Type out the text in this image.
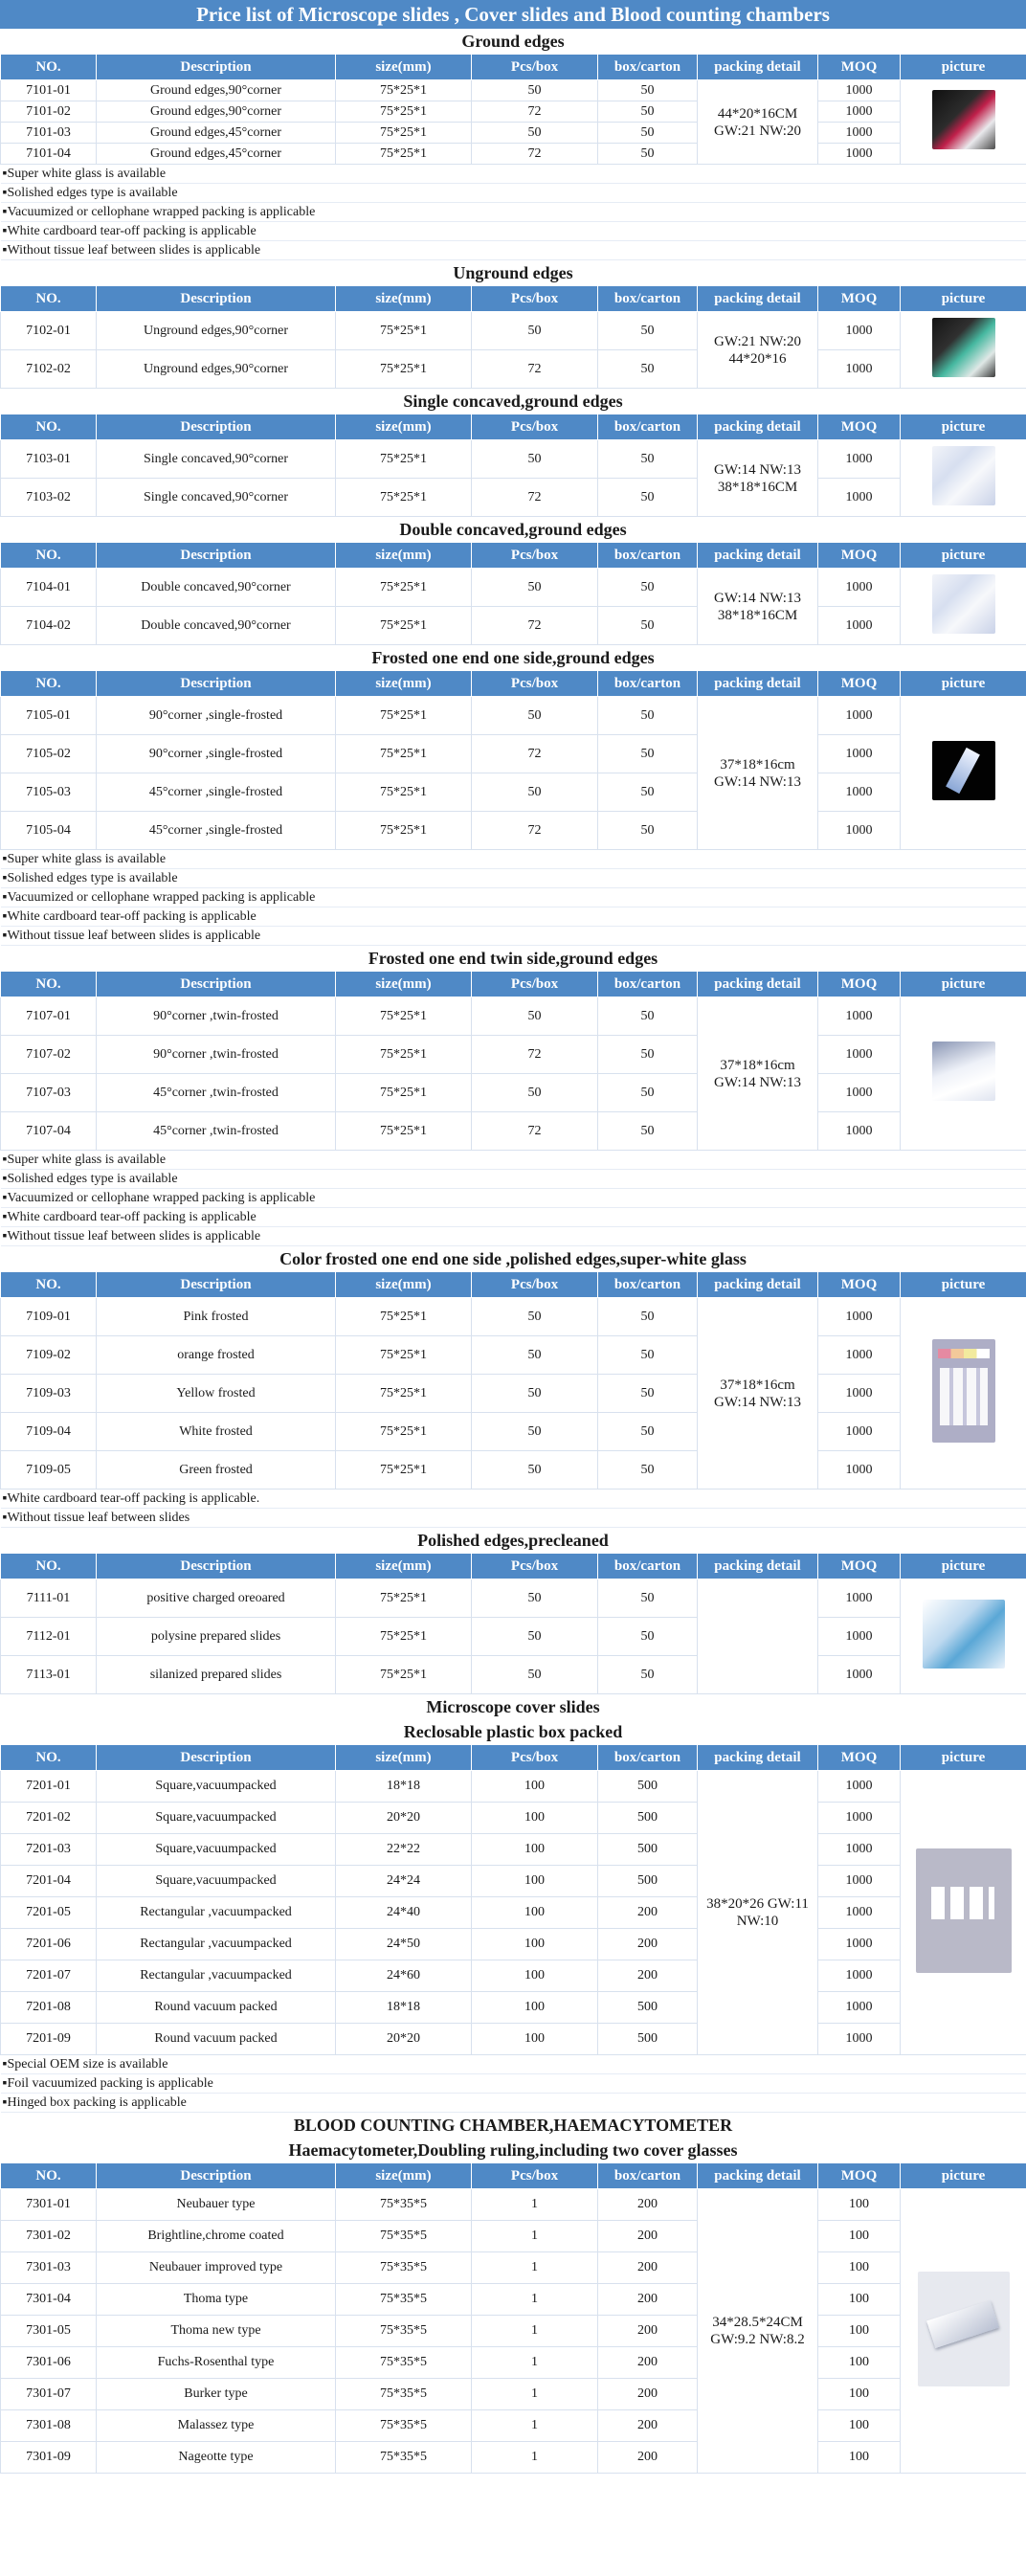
Price list of Microscope slides , Cover slides and Blood counting chambers
Ground edges
NO.	Description	size(mm)	Pcs/box	box/carton	packing detail	MOQ	picture
7101-01	Ground edges,90°corner	75*25*1	50	50	44*20*16CM GW:21 NW:20	1000	
7101-02	Ground edges,90°corner	75*25*1	72	50		1000	
7101-03	Ground edges,45°corner	75*25*1	50	50		1000	
7101-04	Ground edges,45°corner	75*25*1	72	50		1000	
▪Super white glass is available							
▪Solished edges type is available							
▪Vacuumized or cellophane wrapped packing is applicable							
▪White cardboard tear-off packing is applicable							
▪Without tissue leaf between slides is applicable							
Unground edges
NO.	Description	size(mm)	Pcs/box	box/carton	packing detail	MOQ	picture
7102-01	Unground edges,90°corner	75*25*1	50	50	GW:21 NW:20 44*20*16	1000	
7102-02	Unground edges,90°corner	75*25*1	72	50		1000	
Single concaved,ground edges
NO.	Description	size(mm)	Pcs/box	box/carton	packing detail	MOQ	picture
7103-01	Single concaved,90°corner	75*25*1	50	50	GW:14 NW:13 38*18*16CM	1000	
7103-02	Single concaved,90°corner	75*25*1	72	50		1000	
Double concaved,ground edges
NO.	Description	size(mm)	Pcs/box	box/carton	packing detail	MOQ	picture
7104-01	Double concaved,90°corner	75*25*1	50	50	GW:14 NW:13 38*18*16CM	1000	
7104-02	Double concaved,90°corner	75*25*1	72	50		1000	
Frosted one end one side,ground edges
NO.	Description	size(mm)	Pcs/box	box/carton	packing detail	MOQ	picture
7105-01	90°corner ,single-frosted	75*25*1	50	50	37*18*16cm GW:14 NW:13	1000	
7105-02	90°corner ,single-frosted	75*25*1	72	50		1000	
7105-03	45°corner ,single-frosted	75*25*1	50	50		1000	
7105-04	45°corner ,single-frosted	75*25*1	72	50		1000	
▪Super white glass is available							
▪Solished edges type is available							
▪Vacuumized or cellophane wrapped packing is applicable							
▪White cardboard tear-off packing is applicable							
▪Without tissue leaf between slides is applicable							
Frosted one end twin side,ground edges
NO.	Description	size(mm)	Pcs/box	box/carton	packing detail	MOQ	picture
7107-01	90°corner ,twin-frosted	75*25*1	50	50	37*18*16cm GW:14 NW:13	1000	
7107-02	90°corner ,twin-frosted	75*25*1	72	50		1000	
7107-03	45°corner ,twin-frosted	75*25*1	50	50		1000	
7107-04	45°corner ,twin-frosted	75*25*1	72	50		1000	
▪Super white glass is available							
▪Solished edges type is available							
▪Vacuumized or cellophane wrapped packing is applicable							
▪White cardboard tear-off packing is applicable							
▪Without tissue leaf between slides is applicable							
Color frosted one end one side ,polished edges,super-white glass
NO.	Description	size(mm)	Pcs/box	box/carton	packing detail	MOQ	picture
7109-01	Pink frosted	75*25*1	50	50	37*18*16cm GW:14 NW:13	1000	
7109-02	orange frosted	75*25*1	50	50		1000	
7109-03	Yellow frosted	75*25*1	50	50		1000	
7109-04	White frosted	75*25*1	50	50		1000	
7109-05	Green frosted	75*25*1	50	50		1000	
▪White cardboard tear-off packing is applicable.							
▪Without tissue leaf between slides							
Polished edges,precleaned
NO.	Description	size(mm)	Pcs/box	box/carton	packing detail	MOQ	picture
7111-01	positive charged oreoared	75*25*1	50	50		1000	
7112-01	polysine prepared slides	75*25*1	50	50		1000	
7113-01	silanized prepared slides	75*25*1	50	50		1000	
Microscope cover slides
Reclosable plastic box packed
NO.	Description	size(mm)	Pcs/box	box/carton	packing detail	MOQ	picture
7201-01	Square,vacuumpacked	18*18	100	500	38*20*26 GW:11 NW:10	1000	
7201-02	Square,vacuumpacked	20*20	100	500		1000	
7201-03	Square,vacuumpacked	22*22	100	500		1000	
7201-04	Square,vacuumpacked	24*24	100	500		1000	
7201-05	Rectangular ,vacuumpacked	24*40	100	200		1000	
7201-06	Rectangular ,vacuumpacked	24*50	100	200		1000	
7201-07	Rectangular ,vacuumpacked	24*60	100	200		1000	
7201-08	Round vacuum packed	18*18	100	500		1000	
7201-09	Round vacuum packed	20*20	100	500		1000	
▪Special OEM size is available							
▪Foil vacuumized packing is applicable							
▪Hinged box packing is applicable							
BLOOD COUNTING CHAMBER,HAEMACYTOMETER
Haemacytometer,Doubling ruling,including two cover glasses
NO.	Description	size(mm)	Pcs/box	box/carton	packing detail	MOQ	picture
7301-01	Neubauer type	75*35*5	1	200	34*28.5*24CM GW:9.2 NW:8.2	100	
7301-02	Brightline,chrome coated	75*35*5	1	200		100	
7301-03	Neubauer improved type	75*35*5	1	200		100	
7301-04	Thoma type	75*35*5	1	200		100	
7301-05	Thoma new type	75*35*5	1	200		100	
7301-06	Fuchs-Rosenthal type	75*35*5	1	200		100	
7301-07	Burker type	75*35*5	1	200		100	
7301-08	Malassez type	75*35*5	1	200		100	
7301-09	Nageotte type	75*35*5	1	200		100	
